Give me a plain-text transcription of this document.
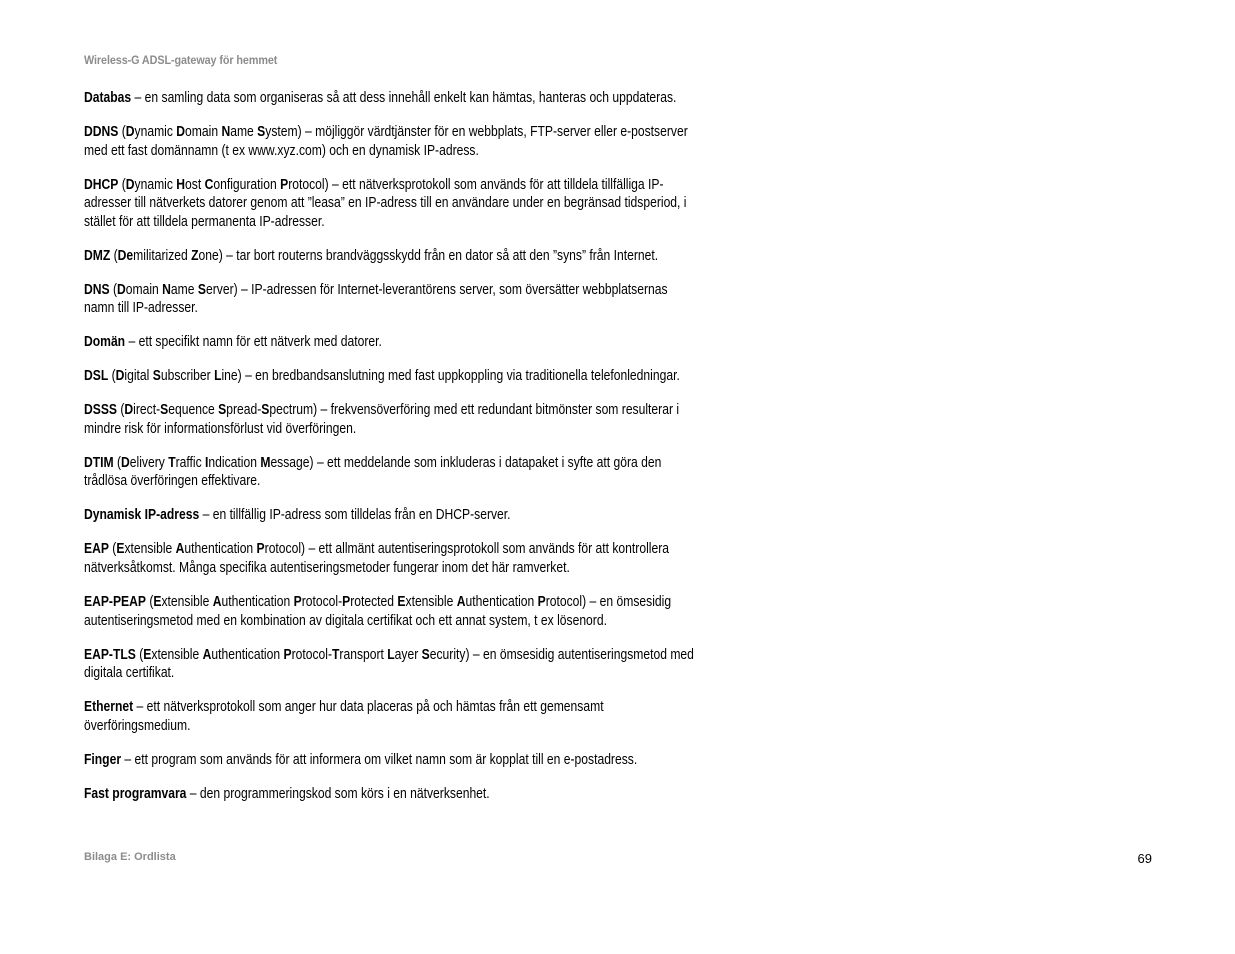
Wireless-G ADSL-gateway för hemmet

Databas – en samling data som organiseras så att dess innehåll enkelt kan hämtas, hanteras och uppdateras.

DDNS (Dynamic Domain Name System) – möjliggör värdtjänster för en webbplats, FTP-server eller e-postserver
med ett fast domännamn (t ex www.xyz.com) och en dynamisk IP-adress.

DHCP (Dynamic Host Configuration Protocol) – ett nätverksprotokoll som används för att tilldela tillfälliga IP-
adresser till nätverkets datorer genom att ”leasa” en IP-adress till en användare under en begränsad tidsperiod, i
stället för att tilldela permanenta IP-adresser.

DMZ (Demilitarized Zone) – tar bort routerns brandväggsskydd från en dator så att den ”syns” från Internet.

DNS (Domain Name Server) – IP-adressen för Internet-leverantörens server, som översätter webbplatsernas
namn till IP-adresser.

Domän – ett specifikt namn för ett nätverk med datorer.

DSL (Digital Subscriber Line) – en bredbandsanslutning med fast uppkoppling via traditionella telefonledningar.

DSSS (Direct-Sequence Spread-Spectrum) – frekvensöverföring med ett redundant bitmönster som resulterar i
mindre risk för informationsförlust vid överföringen.

DTIM (Delivery Traffic Indication Message) – ett meddelande som inkluderas i datapaket i syfte att göra den
trådlösa överföringen effektivare.

Dynamisk IP-adress – en tillfällig IP-adress som tilldelas från en DHCP-server.

EAP (Extensible Authentication Protocol) – ett allmänt autentiseringsprotokoll som används för att kontrollera
nätverksåtkomst. Många specifika autentiseringsmetoder fungerar inom det här ramverket.

EAP-PEAP (Extensible Authentication Protocol-Protected Extensible Authentication Protocol) – en ömsesidig
autentiseringsmetod med en kombination av digitala certifikat och ett annat system, t ex lösenord.

EAP-TLS (Extensible Authentication Protocol-Transport Layer Security) – en ömsesidig autentiseringsmetod med
digitala certifikat.

Ethernet – ett nätverksprotokoll som anger hur data placeras på och hämtas från ett gemensamt
överföringsmedium.

Finger – ett program som används för att informera om vilket namn som är kopplat till en e-postadress.

Fast programvara – den programmeringskod som körs i en nätverksenhet.

Bilaga E: Ordlista	69
